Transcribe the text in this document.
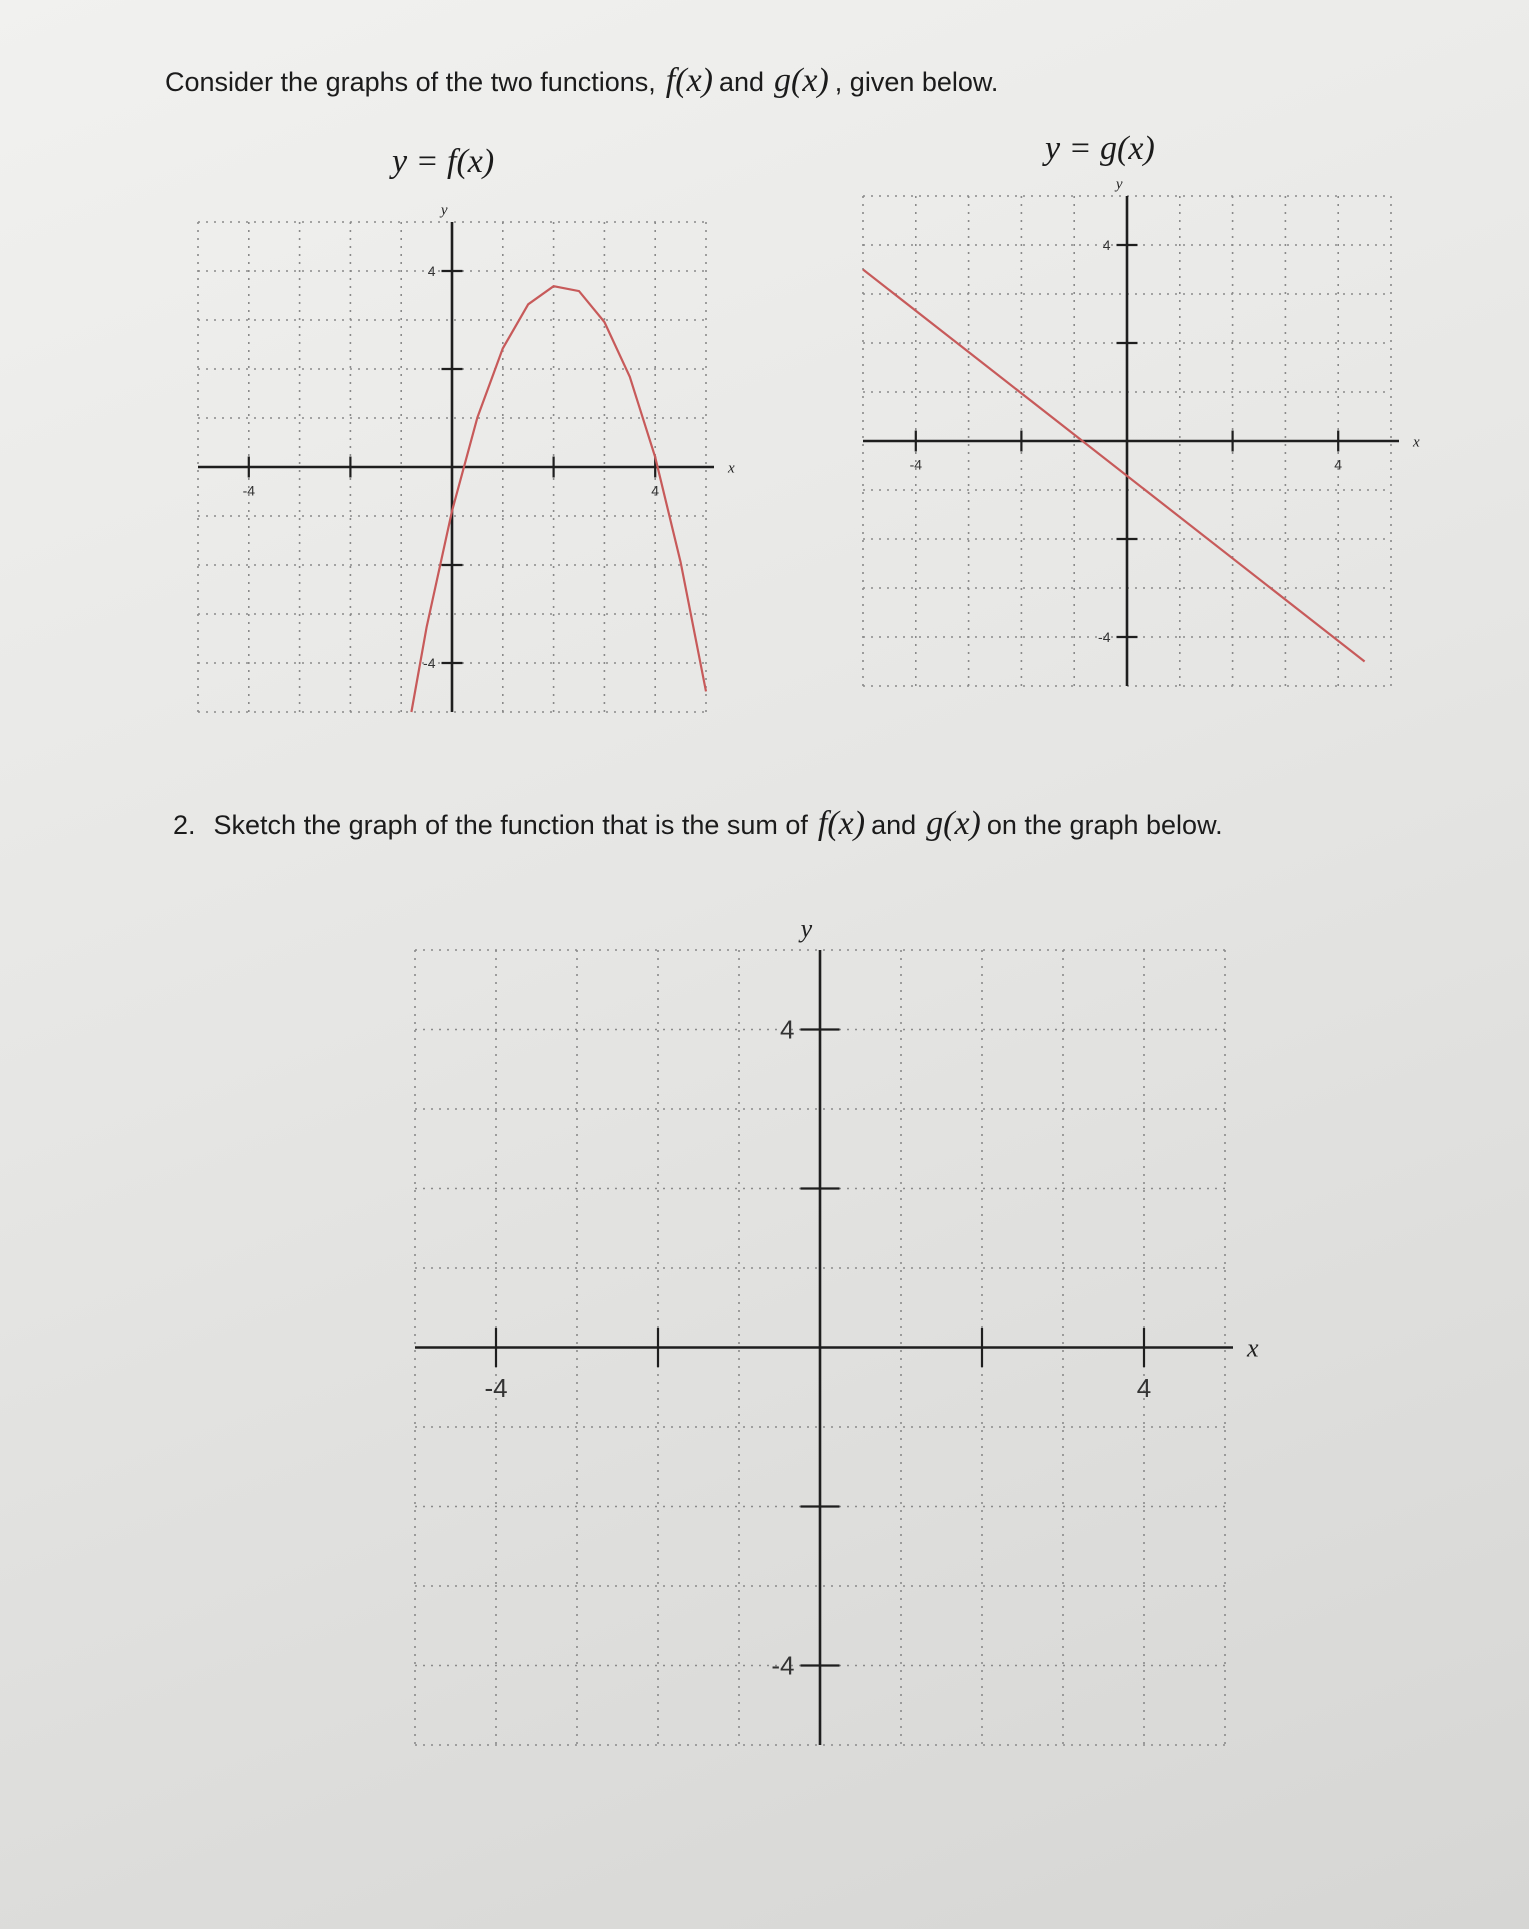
Consider the graphs of the two functions, f(x) and g(x) , given below.
y = f(x)	y = g(x)
-4	4
4
-4
x
y
-4	4
4
-4
x
y
-4	4
4
-4
x
y
2. Sketch the graph of the function that is the sum of f(x) and g(x) on the graph below.
